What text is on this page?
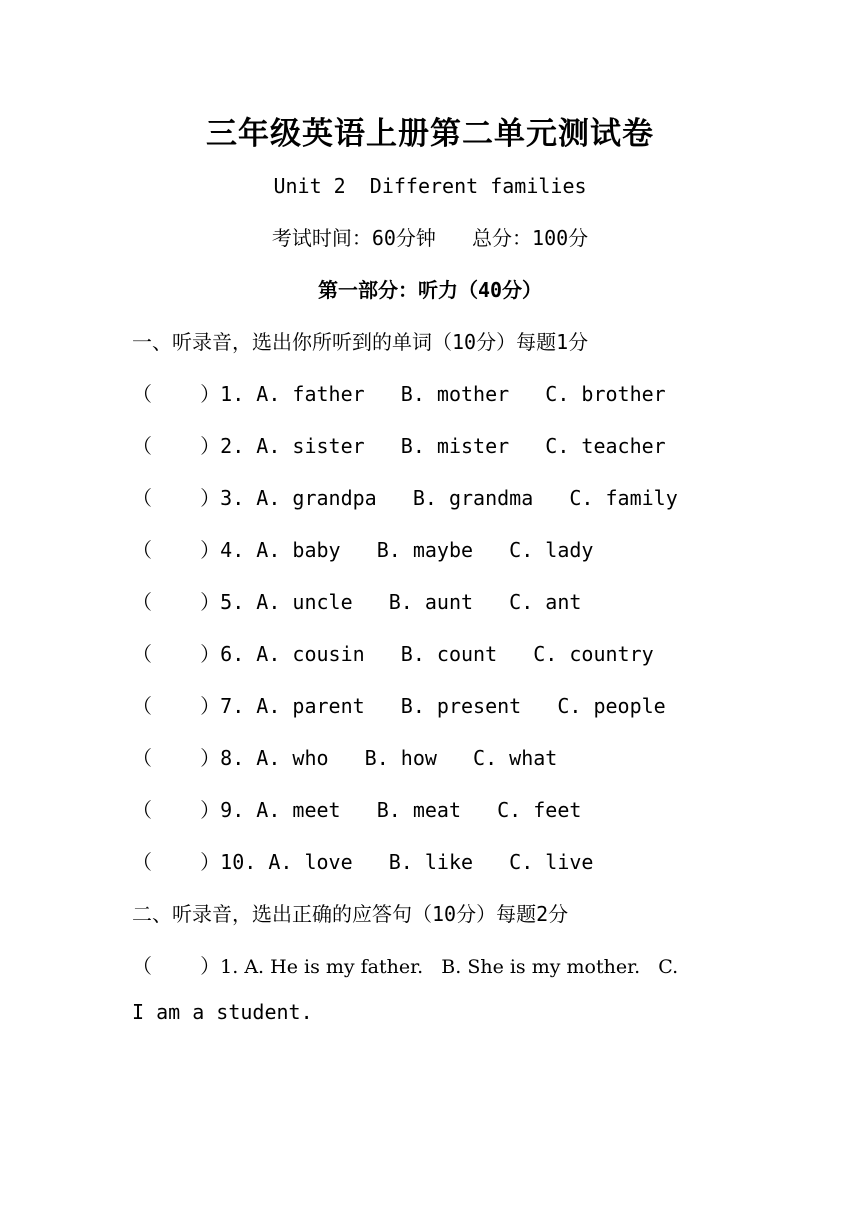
三年级英语上册第二单元测试卷
Unit 2  Different families
考试时间：60分钟   总分：100分
第一部分：听力（40分）
一、听录音，选出你所听到的单词（10分）每题1分
（    ）1. A. father   B. mother   C. brother
（    ）2. A. sister   B. mister   C. teacher
（    ）3. A. grandpa   B. grandma   C. family
（    ）4. A. baby   B. maybe   C. lady
（    ）5. A. uncle   B. aunt   C. ant
（    ）6. A. cousin   B. count   C. country
（    ）7. A. parent   B. present   C. people
（    ）8. A. who   B. how   C. what
（    ）9. A. meet   B. meat   C. feet
（    ）10. A. love   B. like   C. live
二、听录音，选出正确的应答句（10分）每题2分
（    ）1. A. He is my father.   B. She is my mother.   C.
I am a student.
